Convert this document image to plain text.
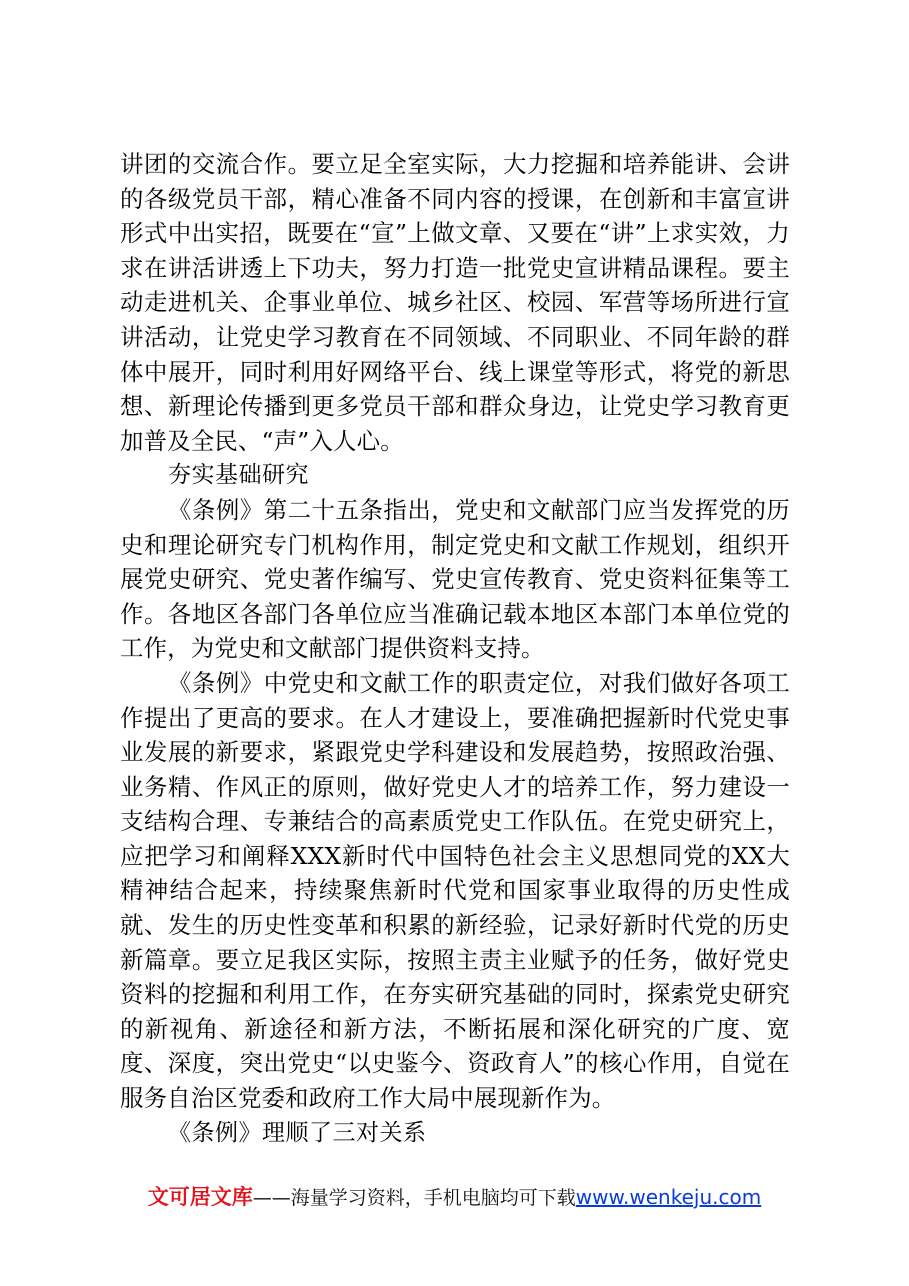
讲团的交流合作。要立足全室实际，大力挖掘和培养能讲、会讲的各级党员干部，精心准备不同内容的授课，在创新和丰富宣讲形式中出实招，既要在“宣”上做文章、又要在“讲”上求实效，力求在讲活讲透上下功夫，努力打造一批党史宣讲精品课程。要主动走进机关、企事业单位、城乡社区、校园、军营等场所进行宣讲活动，让党史学习教育在不同领域、不同职业、不同年龄的群体中展开，同时利用好网络平台、线上课堂等形式，将党的新思想、新理论传播到更多党员干部和群众身边，让党史学习教育更加普及全民、“声”入人心。

夯实基础研究

《条例》第二十五条指出，党史和文献部门应当发挥党的历史和理论研究专门机构作用，制定党史和文献工作规划，组织开展党史研究、党史著作编写、党史宣传教育、党史资料征集等工作。各地区各部门各单位应当准确记载本地区本部门本单位党的工作，为党史和文献部门提供资料支持。

《条例》中党史和文献工作的职责定位，对我们做好各项工作提出了更高的要求。在人才建设上，要准确把握新时代党史事业发展的新要求，紧跟党史学科建设和发展趋势，按照政治强、业务精、作风正的原则，做好党史人才的培养工作，努力建设一支结构合理、专兼结合的高素质党史工作队伍。在党史研究上，应把学习和阐释XXX新时代中国特色社会主义思想同党的XX大精神结合起来，持续聚焦新时代党和国家事业取得的历史性成就、发生的历史性变革和积累的新经验，记录好新时代党的历史新篇章。要立足我区实际，按照主责主业赋予的任务，做好党史资料的挖掘和利用工作，在夯实研究基础的同时，探索党史研究的新视角、新途径和新方法，不断拓展和深化研究的广度、宽度、深度，突出党史“以史鉴今、资政育人”的核心作用，自觉在服务自治区党委和政府工作大局中展现新作为。

《条例》理顺了三对关系

文可居文库——海量学习资料，手机电脑均可下载www.wenkeju.com
